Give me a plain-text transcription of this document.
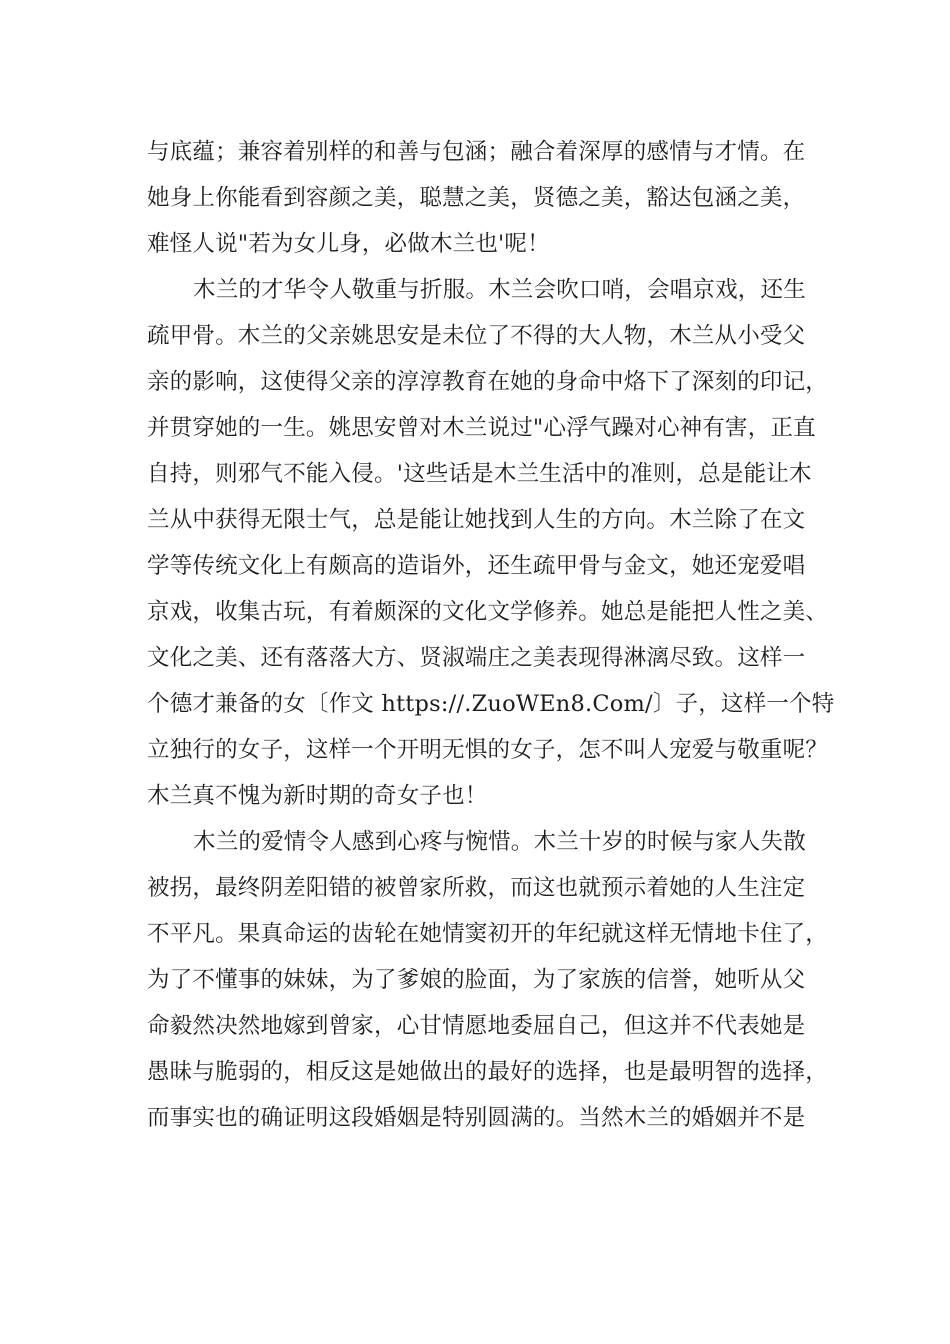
与底蕴；兼容着别样的和善与包涵；融合着深厚的感情与才情。在
她身上你能看到容颜之美，聪慧之美，贤德之美，豁达包涵之美，
难怪人说"若为女儿身，必做木兰也'呢！
木兰的才华令人敬重与折服。木兰会吹口哨，会唱京戏，还生
疏甲骨。木兰的父亲姚思安是未位了不得的大人物，木兰从小受父
亲的影响，这使得父亲的淳淳教育在她的身命中烙下了深刻的印记，
并贯穿她的一生。姚思安曾对木兰说过"心浮气躁对心神有害，正直
自持，则邪气不能入侵。'这些话是木兰生活中的准则，总是能让木
兰从中获得无限士气，总是能让她找到人生的方向。木兰除了在文
学等传统文化上有颇高的造诣外，还生疏甲骨与金文，她还宠爱唱
京戏，收集古玩，有着颇深的文化文学修养。她总是能把人性之美、
文化之美、还有落落大方、贤淑端庄之美表现得淋漓尽致。这样一
个德才兼备的女〔作文 https://.ZuoWEn8.Com/〕子，这样一个特
立独行的女子，这样一个开明无惧的女子，怎不叫人宠爱与敬重呢？
木兰真不愧为新时期的奇女子也！
木兰的爱情令人感到心疼与惋惜。木兰十岁的时候与家人失散
被拐，最终阴差阳错的被曾家所救，而这也就预示着她的人生注定
不平凡。果真命运的齿轮在她情窦初开的年纪就这样无情地卡住了，
为了不懂事的妹妹，为了爹娘的脸面，为了家族的信誉，她听从父
命毅然决然地嫁到曾家，心甘情愿地委屈自己，但这并不代表她是
愚昧与脆弱的，相反这是她做出的最好的选择，也是最明智的选择，
而事实也的确证明这段婚姻是特别圆满的。当然木兰的婚姻并不是
